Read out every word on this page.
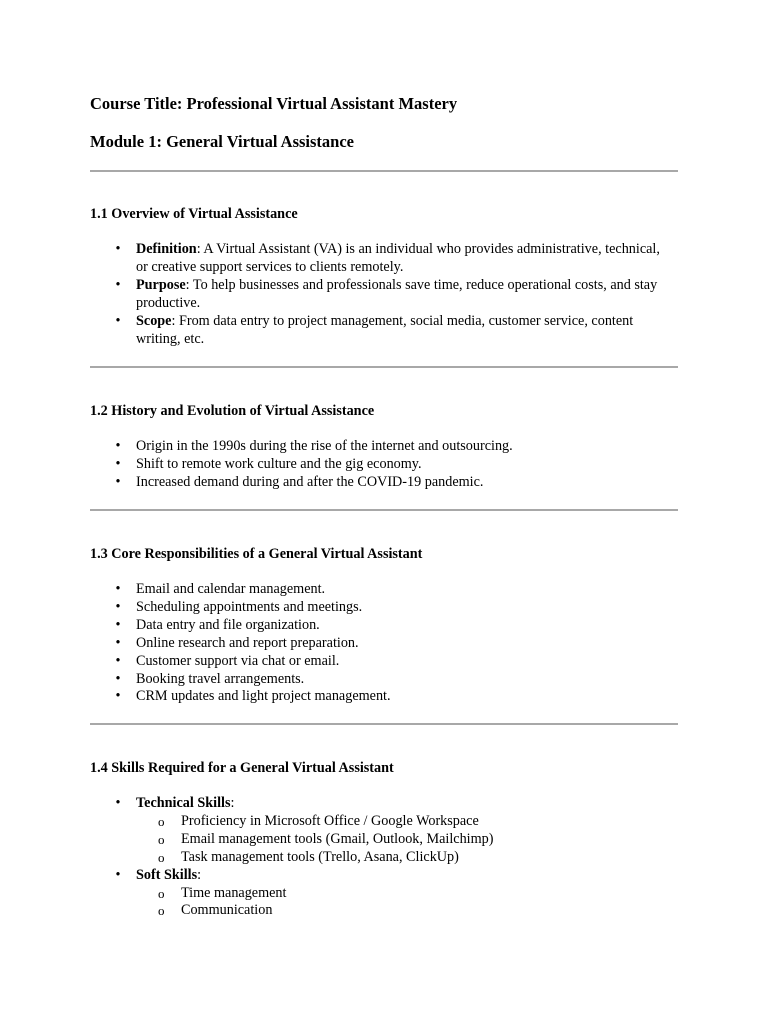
Course Title: Professional Virtual Assistant Mastery
Module 1: General Virtual Assistance
1.1 Overview of Virtual Assistance
• Definition: A Virtual Assistant (VA) is an individual who provides administrative, technical, or creative support services to clients remotely.
• Purpose: To help businesses and professionals save time, reduce operational costs, and stay productive.
• Scope: From data entry to project management, social media, customer service, content writing, etc.
1.2 History and Evolution of Virtual Assistance
• Origin in the 1990s during the rise of the internet and outsourcing.
• Shift to remote work culture and the gig economy.
• Increased demand during and after the COVID-19 pandemic.
1.3 Core Responsibilities of a General Virtual Assistant
• Email and calendar management.
• Scheduling appointments and meetings.
• Data entry and file organization.
• Online research and report preparation.
• Customer support via chat or email.
• Booking travel arrangements.
• CRM updates and light project management.
1.4 Skills Required for a General Virtual Assistant
• Technical Skills:
o Proficiency in Microsoft Office / Google Workspace
o Email management tools (Gmail, Outlook, Mailchimp)
o Task management tools (Trello, Asana, ClickUp)
• Soft Skills:
o Time management
o Communication
